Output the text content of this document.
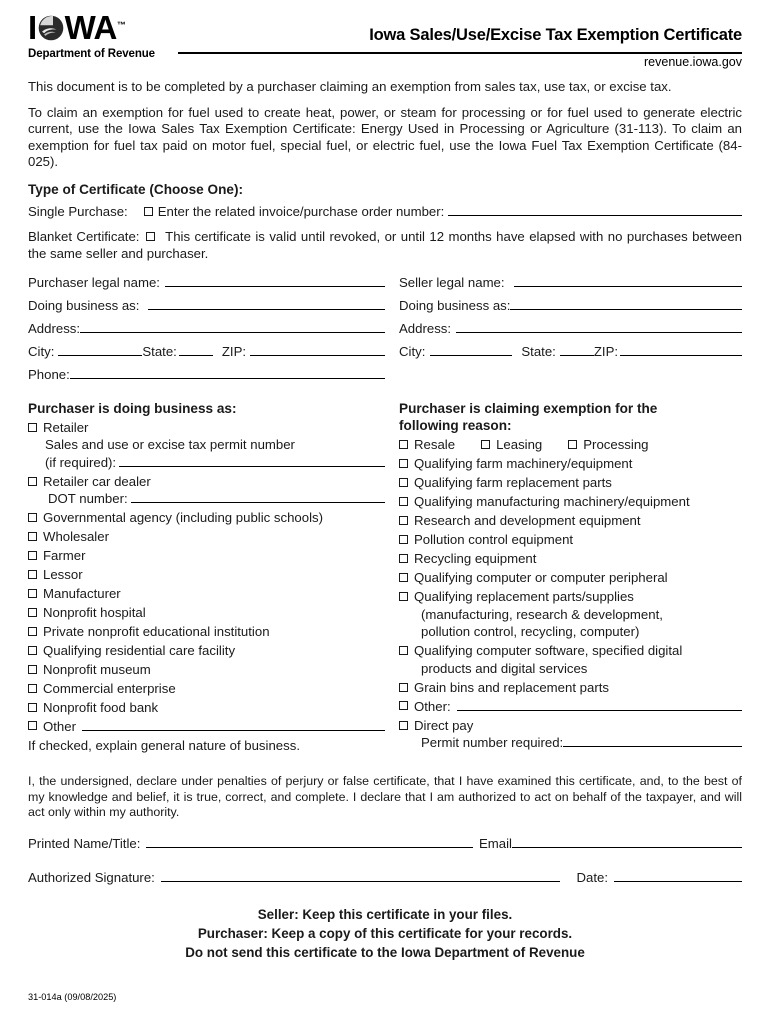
I WA ™
Department of Revenue
Iowa Sales/Use/Excise Tax Exemption Certificate
revenue.iowa.gov
This document is to be completed by a purchaser claiming an exemption from sales tax, use tax, or excise tax.
To claim an exemption for fuel used to create heat, power, or steam for processing or for fuel used to generate electric current, use the Iowa Sales Tax Exemption Certificate: Energy Used in Processing or Agriculture (31-113). To claim an exemption for fuel tax paid on motor fuel, special fuel, or electric fuel, use the Iowa Fuel Tax Exemption Certificate (84-025).
Type of Certificate (Choose One):
Single Purchase: Enter the related invoice/purchase order number:
Blanket Certificate: This certificate is valid until revoked, or until 12 months have elapsed with no purchases between the same seller and purchaser.
Purchaser legal name:
Doing business as:
Address:
City:	State:	ZIP:
Phone:
Seller legal name:
Doing business as:
Address:
City:	State:	ZIP:
Purchaser is doing business as:
Retailer
Sales and use or excise tax permit number
(if required):
Retailer car dealer
DOT number:
Governmental agency (including public schools)
Wholesaler
Farmer
Lessor
Manufacturer
Nonprofit hospital
Private nonprofit educational institution
Qualifying residential care facility
Nonprofit museum
Commercial enterprise
Nonprofit food bank
Other
If checked, explain general nature of business.
Purchaser is claiming exemption for the
following reason:
Resale	Leasing	Processing
Qualifying farm machinery/equipment
Qualifying farm replacement parts
Qualifying manufacturing machinery/equipment
Research and development equipment
Pollution control equipment
Recycling equipment
Qualifying computer or computer peripheral
Qualifying replacement parts/supplies
(manufacturing, research & development,
pollution control, recycling, computer)
Qualifying computer software, specified digital
products and digital services
Grain bins and replacement parts
Other:
Direct pay
Permit number required:
I, the undersigned, declare under penalties of perjury or false certificate, that I have examined this certificate, and, to the best of my knowledge and belief, it is true, correct, and complete. I declare that I am authorized to act on behalf of the taxpayer, and will act only within my authority.
Printed Name/Title:	Email
Authorized Signature:	Date:
Seller: Keep this certificate in your files.
Purchaser: Keep a copy of this certificate for your records.
Do not send this certificate to the Iowa Department of Revenue
31-014a (09/08/2025)
